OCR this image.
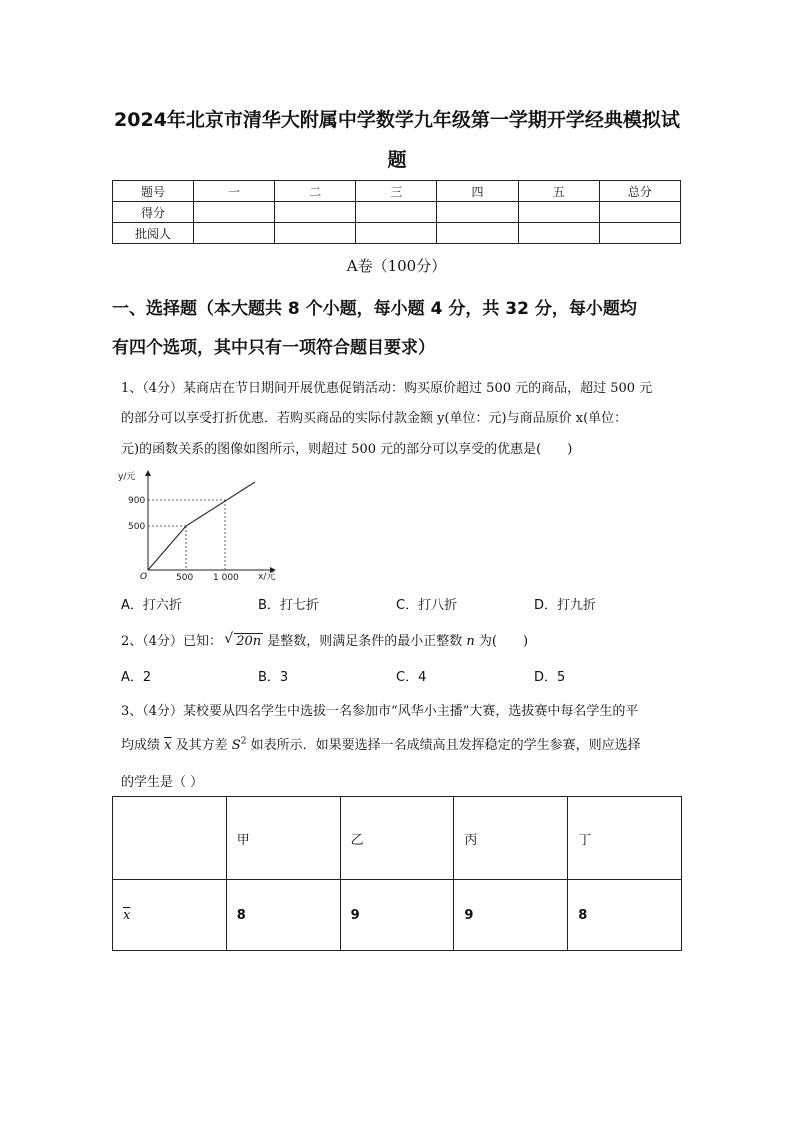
2024年北京市清华大附属中学数学九年级第一学期开学经典模拟试
题
题号	一	二	三	四	五	总分
得分						
批阅人						
A卷（100分）
一、选择题（本大题共 8 个小题，每小题 4 分，共 32 分，每小题均
有四个选项，其中只有一项符合题目要求）
1、（4分）某商店在节日期间开展优惠促销活动：购买原价超过 500 元的商品，超过 500 元
的部分可以享受打折优惠．若购买商品的实际付款金额 y(单位：元)与商品原价 x(单位：
元)的函数关系的图像如图所示，则超过 500 元的部分可以享受的优惠是(　　)
y/元
900
500
O	500 1 000 x/元
A．打六折	B．打七折	C．打八折	D．打九折
2、（4分）已知： √ 20n 是整数，则满足条件的最小正整数 n 为(　　)
A．2	B．3	C．4	D．5
3、（4分）某校要从四名学生中选拔一名参加市“风华小主播”大赛，选拔赛中每名学生的平
均成绩 $\overline{x}$ 及其方差 $S^2$ 如表所示．如果要选择一名成绩高且发挥稳定的学生参赛，则应选择
的学生是（ ）
	甲	乙	丙	丁
$\overline{x}$	8	9	9	8
